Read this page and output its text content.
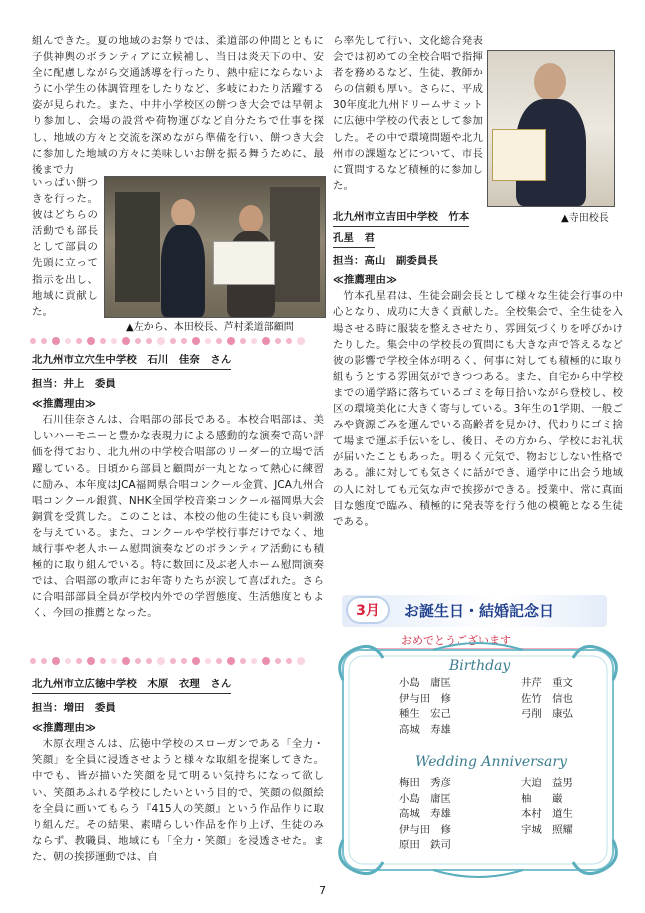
組んできた。夏の地域のお祭りでは、柔道部の仲間とともに子供神輿のボランティアに立候補し、当日は炎天下の中、安全に配慮しながら交通誘導を行ったり、熱中症にならないように小学生の体調管理をしたりなど、多岐にわたり活躍する姿が見られた。また、中井小学校区の餅つき大会では早朝より参加し、会場の設営や荷物運びなど自分たちで仕事を探し、地域の方々と交流を深めながら準備を行い、餅つき大会に参加した地域の方々に美味しいお餅を振る舞うために、最後まで力

いっぱい餅つきを行った。彼はどちらの活動でも部長として部員の先頭に立って指示を出し、地域に貢献した。

▲左から、本田校長、芦村柔道部顧問

北九州市立穴生中学校　石川　佳奈　さん

担当：井上　委員

≪推薦理由≫

石川佳奈さんは、合唱部の部長である。本校合唱部は、美しいハーモニーと豊かな表現力による感動的な演奏で高い評価を得ており、北九州の中学校合唱部のリーダー的立場で活躍している。日頃から部員と顧問が一丸となって熱心に練習に励み、本年度はJCA福岡県合唱コンクール金賞、JCA九州合唱コンクール銀賞、NHK全国学校音楽コンクール福岡県大会銅賞を受賞した。このことは、本校の他の生徒にも良い刺激を与えている。また、コンクールや学校行事だけでなく、地域行事や老人ホーム慰問演奏などのボランティア活動にも積極的に取り組んでいる。特に数回に及ぶ老人ホーム慰問演奏では、合唱部の歌声にお年寄りたちが涙して喜ばれた。さらに合唱部部員全員が学校内外での学習態度、生活態度ともよく、今回の推薦となった。

北九州市立広徳中学校　木原　衣理　さん

担当：増田　委員

≪推薦理由≫

木原衣理さんは、広徳中学校のスローガンである「全力・笑顔」を全員に浸透させようと様々な取組を提案してきた。中でも、皆が描いた笑顔を見て明るい気持ちになって欲しい、笑顔あふれる学校にしたいという目的で、笑顔の似顔絵を全員に画いてもらう『415人の笑顔』という作品作りに取り組んだ。その結果、素晴らしい作品を作り上げ、生徒のみならず、教職員、地域にも「全力・笑顔」を浸透させた。また、朝の挨拶運動では、自

ら率先して行い、文化総合発表会では初めての全校合唱で指揮者を務めるなど、生徒、教師からの信頼も厚い。さらに、平成30年度北九州ドリームサミットに広徳中学校の代表として参加した。その中で環境問題や北九州市の課題などについて、市長に質問するなど積極的に参加した。

▲寺田校長

北九州市立吉田中学校　竹本

孔星　君

担当：高山　副委員長

≪推薦理由≫

竹本孔星君は、生徒会副会長として様々な生徒会行事の中心となり、成功に大きく貢献した。全校集会で、全生徒を入場させる時に服装を整えさせたり、雰囲気づくりを呼びかけたりした。集会中の学校長の質問にも大きな声で答えるなど彼の影響で学校全体が明るく、何事に対しても積極的に取り組もうとする雰囲気ができつつある。また、自宅から中学校までの通学路に落ちているゴミを毎日拾いながら登校し、校区の環境美化に大きく寄与している。3年生の1学期、一般ごみや資源ごみを運んでいる高齢者を見かけ、代わりにゴミ捨て場まで運ぶ手伝いをし、後日、その方から、学校にお礼状が届いたこともあった。明るく元気で、物おじしない性格である。誰に対しても気さくに話ができ、通学中に出会う地域の人に対しても元気な声で挨拶ができる。授業中、常に真面目な態度で臨み、積極的に発表等を行う他の模範となる生徒である。

3月	お誕生日・結婚記念日
おめでとうございます
Birthday
Wedding Anniversary
小島　庸匡
伊与田　修
種生　宏己
高城　寿雄
井芹　重文
佐竹　信也
弓削　康弘
梅田　秀彦
小島　庸匡
高城　寿雄
伊与田　修
原田　鉄司
大迫　益男
柚　　巌
本村　道生
宇城　照耀
7
